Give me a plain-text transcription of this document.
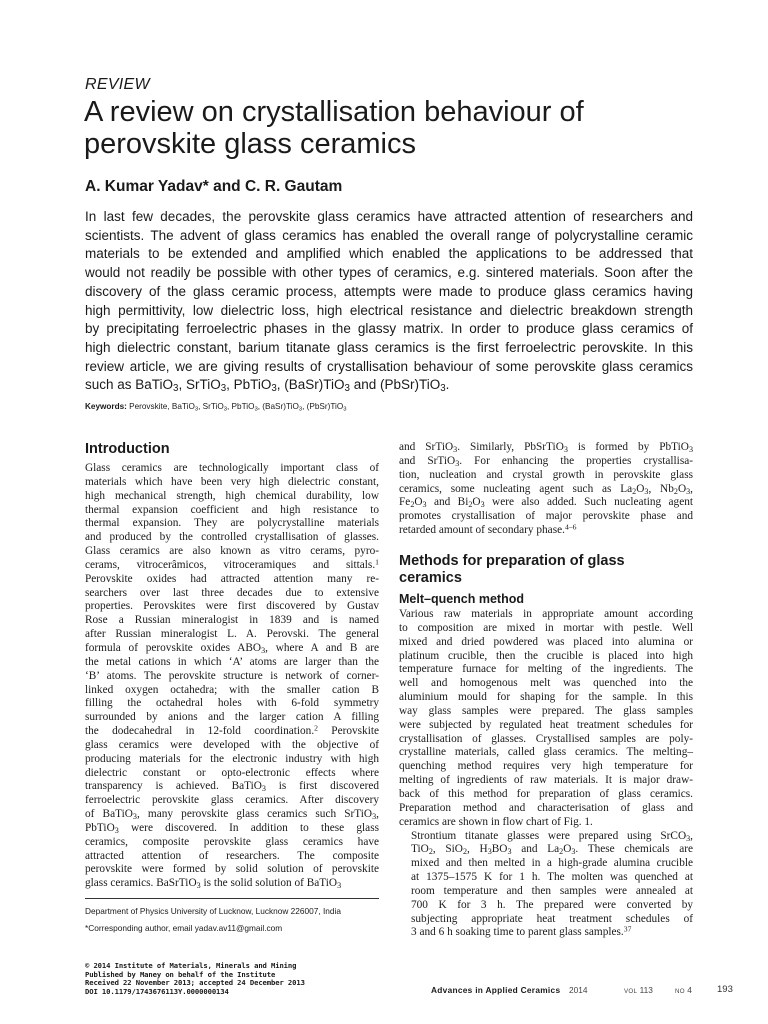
REVIEW
A review on crystallisation behaviour of
perovskite glass ceramics
A. Kumar Yadav* and C. R. Gautam

In last few decades, the perovskite glass ceramics have attracted attention of researchers and
scientists. The advent of glass ceramics has enabled the overall range of polycrystalline ceramic
materials to be extended and amplified which enabled the applications to be addressed that
would not readily be possible with other types of ceramics, e.g. sintered materials. Soon after the
discovery of the glass ceramic process, attempts were made to produce glass ceramics having
high permittivity, low dielectric loss, high electrical resistance and dielectric breakdown strength
by precipitating ferroelectric phases in the glassy matrix. In order to produce glass ceramics of
high dielectric constant, barium titanate glass ceramics is the first ferroelectric perovskite. In this
review article, we are giving results of crystallisation behaviour of some perovskite glass ceramics
such as BaTiO$_3$, SrTiO$_3$, PbTiO$_3$, (BaSr)TiO$_3$ and (PbSr)TiO$_3$.

Keywords: Perovskite, BaTiO$_3$, SrTiO$_3$, PbTiO$_3$, (BaSr)TiO$_3$, (PbSr)TiO$_3$
Introduction
Glass ceramics are technologically important class of
materials which have been very high dielectric constant,
high mechanical strength, high chemical durability, low
thermal expansion coefficient and high resistance to
thermal expansion. They are polycrystalline materials
and produced by the controlled crystallisation of glasses.
Glass ceramics are also known as vitro cerams, pyro-
cerams, vitrocerâmicos, vitroceramiques and sittals.$^1$
Perovskite oxides had attracted attention many re-
searchers over last three decades due to extensive
properties. Perovskites were first discovered by Gustav
Rose a Russian mineralogist in 1839 and is named
after Russian mineralogist L. A. Perovski. The general
formula of perovskite oxides $ABO_3$, where A and B are
the metal cations in which ‘A’ atoms are larger than the
‘B’ atoms. The perovskite structure is network of corner-
linked oxygen octahedra; with the smaller cation B
filling the octahedral holes with 6-fold symmetry
surrounded by anions and the larger cation A filling
the dodecahedral in 12-fold coordination.$^2$ Perovskite
glass ceramics were developed with the objective of
producing materials for the electronic industry with high
dielectric constant or opto-electronic effects where
transparency is achieved. BaTiO$_3$ is first discovered
ferroelectric perovskite glass ceramics. After discovery
of BaTiO$_3$, many perovskite glass ceramics such SrTiO$_3$,
PbTiO$_3$ were discovered. In addition to these glass
ceramics, composite perovskite glass ceramics have
attracted attention of researchers. The composite
perovskite were formed by solid solution of perovskite
glass ceramics. BaSrTiO$_3$ is the solid solution of BaTiO$_3$
and SrTiO$_3$. Similarly, PbSrTiO$_3$ is formed by PbTiO$_3$
and SrTiO$_3$. For enhancing the properties crystallisa-
tion, nucleation and crystal growth in perovskite glass
ceramics, some nucleating agent such as $La_2O_3$, $Nb_2O_3$,
$Fe_2O_3$ and $Bi_2O_3$ were also added. Such nucleating agent
promotes crystallisation of major perovskite phase and
retarded amount of secondary phase.$^{4-6}$
Methods for preparation of glass
ceramics
Melt–quench method
Various raw materials in appropriate amount according
to composition are mixed in mortar with pestle. Well
mixed and dried powdered was placed into alumina or
platinum crucible, then the crucible is placed into high
temperature furnace for melting of the ingredients. The
well and homogenous melt was quenched into the
aluminium mould for shaping for the sample. In this
way glass samples were prepared. The glass samples
were subjected by regulated heat treatment schedules for
crystallisation of glasses. Crystallised samples are poly-
crystalline materials, called glass ceramics. The melting–
quenching method requires very high temperature for
melting of ingredients of raw materials. It is major draw-
back of this method for preparation of glass ceramics.
Preparation method and characterisation of glass and
ceramics are shown in flow chart of Fig. 1.
Strontium titanate glasses were prepared using SrCO$_3$,
TiO$_2$, SiO$_2$, $H_3BO_3$ and $La_2O_3$. These chemicals are
mixed and then melted in a high-grade alumina crucible
at 1375–1575 K for 1 h. The molten was quenched at
room temperature and then samples were annealed at
700 K for 3 h. The prepared were converted by
subjecting appropriate heat treatment schedules of
3 and 6 h soaking time to parent glass samples.$^{37}$
Department of Physics University of Lucknow, Lucknow 226007, India
*Corresponding author, email yadav.av11@gmail.com
© 2014 Institute of Materials, Minerals and Mining
Published by Maney on behalf of the Institute
Received 22 November 2013; accepted 24 December 2013
DOI 10.1179/1743676113Y.0000000134	Advances in Applied Ceramics 2014	VOL 113	NO 4	193
